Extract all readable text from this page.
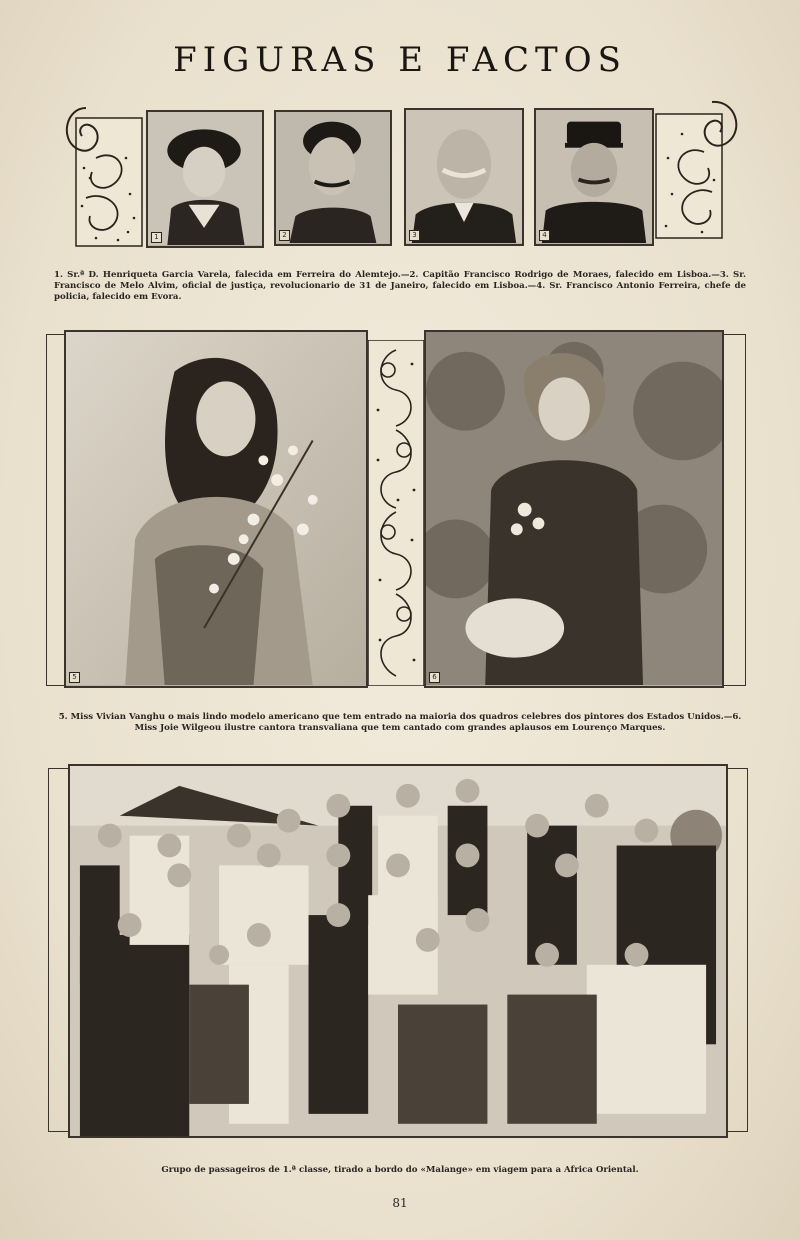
FIGURAS E FACTOS
1	2	3	4
1. Sr.ª D. Henriqueta Garcia Varela, falecida em Ferreira do Alemtejo.—2. Capitão Francisco Rodrigo de Moraes, falecido em Lisboa.—3. Sr. Francisco de Melo Alvim, oficial de justiça, revolucionario de 31 de Janeiro, falecido em Lisboa.—4. Sr. Francisco Antonio Ferreira, chefe de policia, falecido em Evora.
5	6
5. Miss Vivian Vanghu o mais lindo modelo americano que tem entrado na maioria dos quadros celebres dos pintores dos Estados Unidos.—6. Miss Joie Wilgeou ilustre cantora transvaliana que tem cantado com grandes aplausos em Lourenço Marques.
Grupo de passageiros de 1.ª classe, tirado a bordo do «Malange» em viagem para a Africa Oriental.
81
